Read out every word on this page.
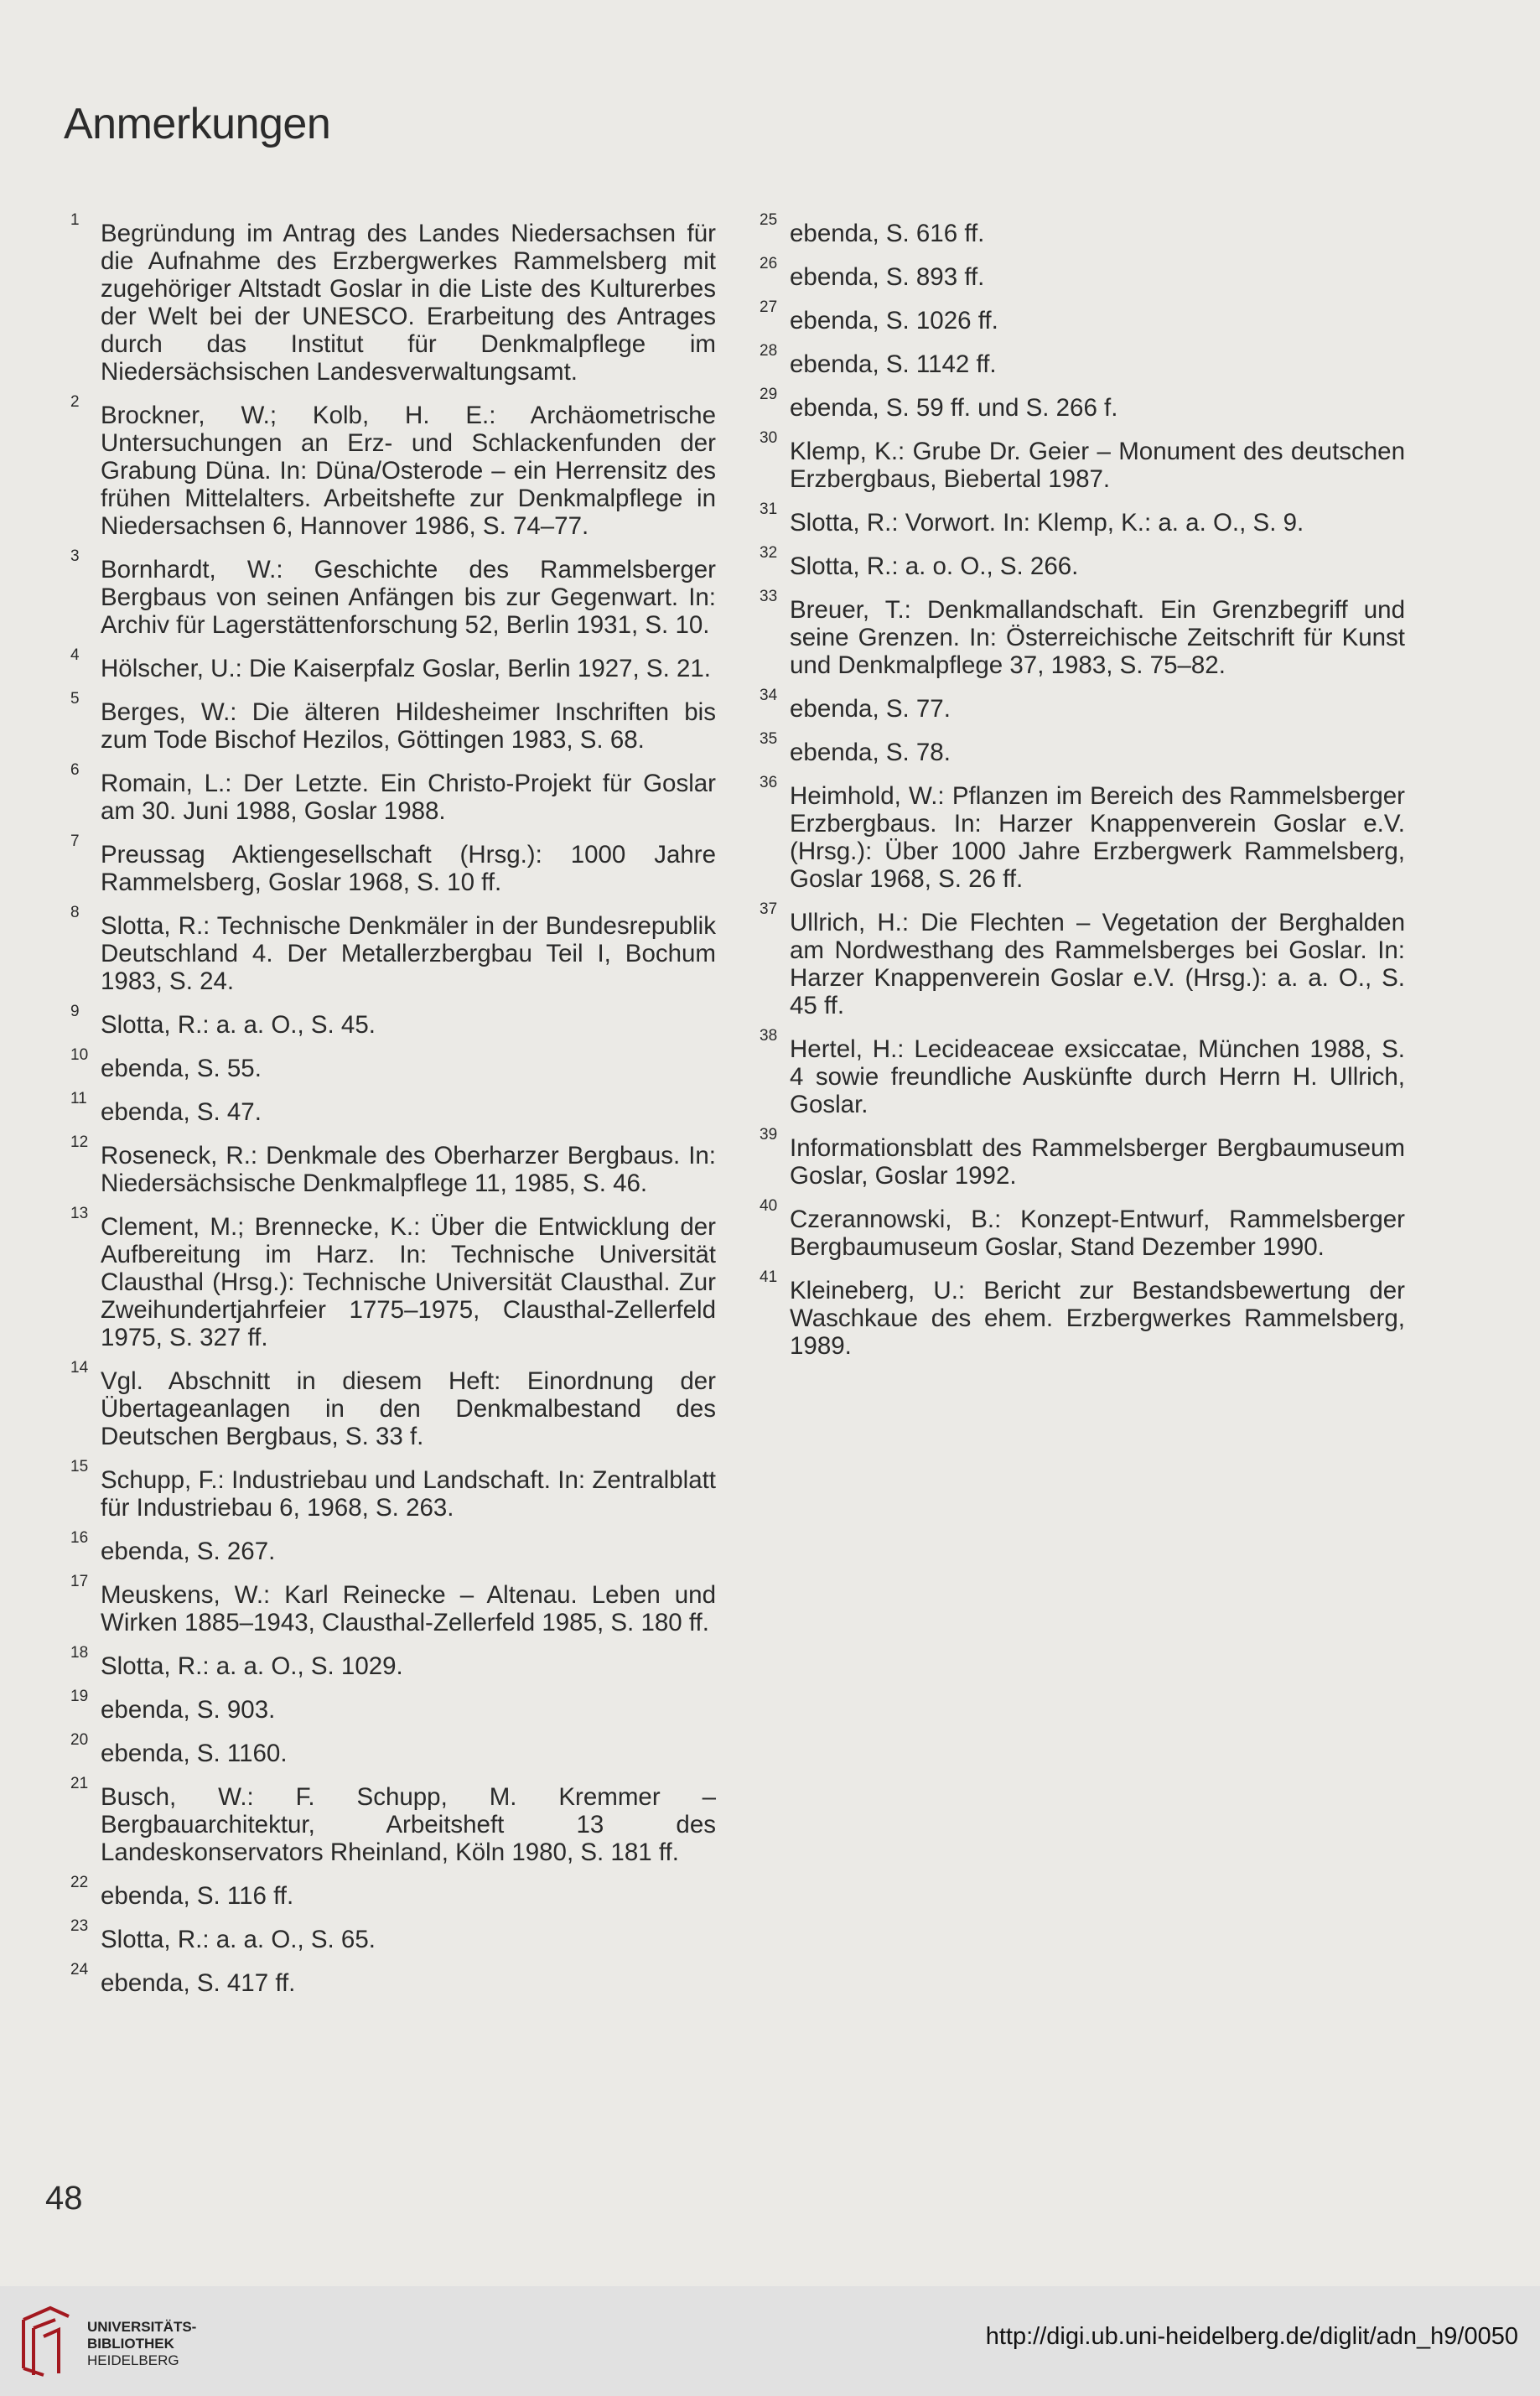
Anmerkungen
1 Begründung im Antrag des Landes Niedersachsen für die Aufnahme des Erzbergwerkes Rammelsberg mit zugehöriger Altstadt Goslar in die Liste des Kulturerbes der Welt bei der UNESCO. Erarbeitung des Antrages durch das Institut für Denkmalpflege im Niedersächsischen Landesverwaltungsamt.
2 Brockner, W.; Kolb, H. E.: Archäometrische Untersuchungen an Erz- und Schlackenfunden der Grabung Düna. In: Düna/Osterode – ein Herrensitz des frühen Mittelalters. Arbeitshefte zur Denkmalpflege in Niedersachsen 6, Hannover 1986, S. 74–77.
3 Bornhardt, W.: Geschichte des Rammelsberger Bergbaus von seinen Anfängen bis zur Gegenwart. In: Archiv für Lagerstättenforschung 52, Berlin 1931, S. 10.
4 Hölscher, U.: Die Kaiserpfalz Goslar, Berlin 1927, S. 21.
5 Berges, W.: Die älteren Hildesheimer Inschriften bis zum Tode Bischof Hezilos, Göttingen 1983, S. 68.
6 Romain, L.: Der Letzte. Ein Christo-Projekt für Goslar am 30. Juni 1988, Goslar 1988.
7 Preussag Aktiengesellschaft (Hrsg.): 1000 Jahre Rammelsberg, Goslar 1968, S. 10 ff.
8 Slotta, R.: Technische Denkmäler in der Bundesrepublik Deutschland 4. Der Metallerzbergbau Teil I, Bochum 1983, S. 24.
9 Slotta, R.: a. a. O., S. 45.
10 ebenda, S. 55.
11 ebenda, S. 47.
12 Roseneck, R.: Denkmale des Oberharzer Bergbaus. In: Niedersächsische Denkmalpflege 11, 1985, S. 46.
13 Clement, M.; Brennecke, K.: Über die Entwicklung der Aufbereitung im Harz. In: Technische Universität Clausthal (Hrsg.): Technische Universität Clausthal. Zur Zweihundertjahrfeier 1775–1975, Clausthal-Zellerfeld 1975, S. 327 ff.
14 Vgl. Abschnitt in diesem Heft: Einordnung der Übertageanlagen in den Denkmalbestand des Deutschen Bergbaus, S. 33 f.
15 Schupp, F.: Industriebau und Landschaft. In: Zentralblatt für Industriebau 6, 1968, S. 263.
16 ebenda, S. 267.
17 Meuskens, W.: Karl Reinecke – Altenau. Leben und Wirken 1885–1943, Clausthal-Zellerfeld 1985, S. 180 ff.
18 Slotta, R.: a. a. O., S. 1029.
19 ebenda, S. 903.
20 ebenda, S. 1160.
21 Busch, W.: F. Schupp, M. Kremmer – Bergbauarchitektur, Arbeitsheft 13 des Landeskonservators Rheinland, Köln 1980, S. 181 ff.
22 ebenda, S. 116 ff.
23 Slotta, R.: a. a. O., S. 65.
24 ebenda, S. 417 ff.
25 ebenda, S. 616 ff.
26 ebenda, S. 893 ff.
27 ebenda, S. 1026 ff.
28 ebenda, S. 1142 ff.
29 ebenda, S. 59 ff. und S. 266 f.
30 Klemp, K.: Grube Dr. Geier – Monument des deutschen Erzbergbaus, Biebertal 1987.
31 Slotta, R.: Vorwort. In: Klemp, K.: a. a. O., S. 9.
32 Slotta, R.: a. o. O., S. 266.
33 Breuer, T.: Denkmallandschaft. Ein Grenzbegriff und seine Grenzen. In: Österreichische Zeitschrift für Kunst und Denkmalpflege 37, 1983, S. 75–82.
34 ebenda, S. 77.
35 ebenda, S. 78.
36 Heimhold, W.: Pflanzen im Bereich des Rammelsberger Erzbergbaus. In: Harzer Knappenverein Goslar e.V. (Hrsg.): Über 1000 Jahre Erzbergwerk Rammelsberg, Goslar 1968, S. 26 ff.
37 Ullrich, H.: Die Flechten – Vegetation der Berghalden am Nordwesthang des Rammelsberges bei Goslar. In: Harzer Knappenverein Goslar e.V. (Hrsg.): a. a. O., S. 45 ff.
38 Hertel, H.: Lecideaceae exsiccatae, München 1988, S. 4 sowie freundliche Auskünfte durch Herrn H. Ullrich, Goslar.
39 Informationsblatt des Rammelsberger Bergbaumuseum Goslar, Goslar 1992.
40 Czerannowski, B.: Konzept-Entwurf, Rammelsberger Bergbaumuseum Goslar, Stand Dezember 1990.
41 Kleineberg, U.: Bericht zur Bestandsbewertung der Waschkaue des ehem. Erzbergwerkes Rammelsberg, 1989.
48
UNIVERSITÄTS-
BIBLIOTHEK
HEIDELBERG
http://digi.ub.uni-heidelberg.de/diglit/adn_h9/0050
